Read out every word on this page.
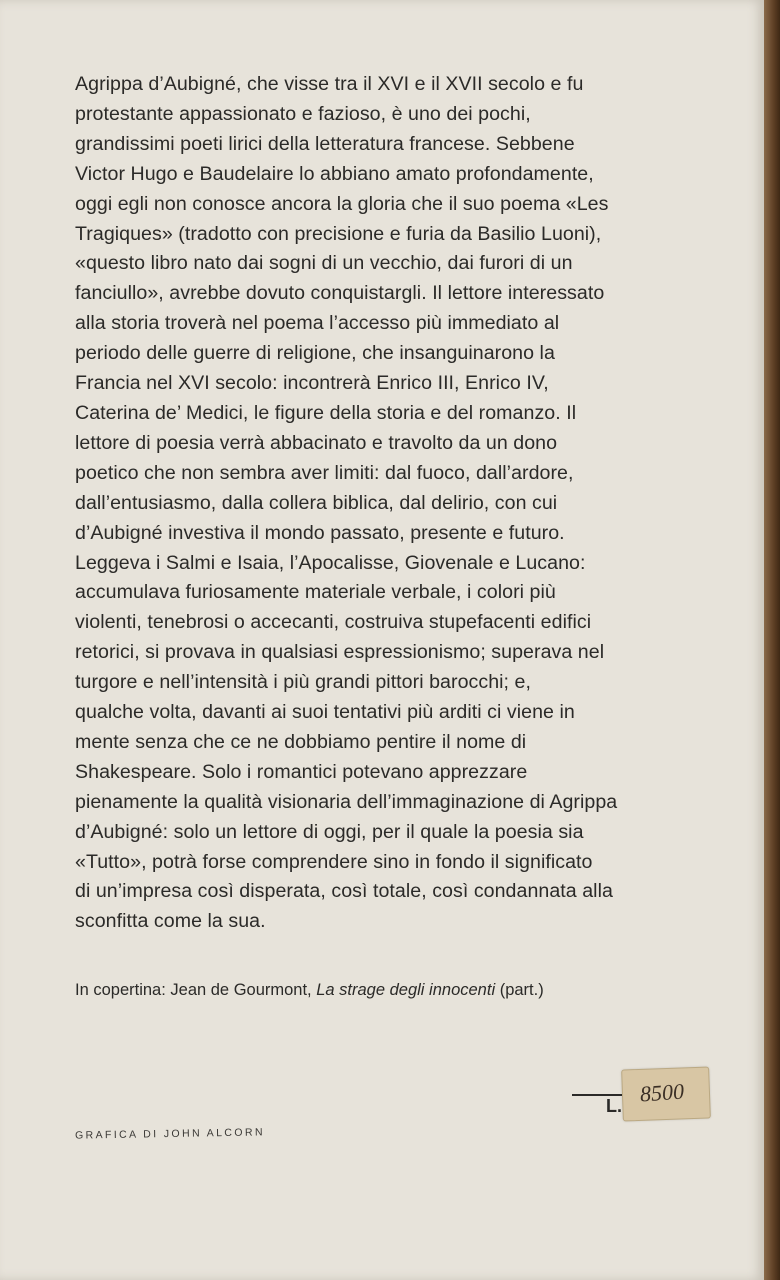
Agrippa d’Aubigné, che visse tra il XVI e il XVII secolo e fu
protestante appassionato e fazioso, è uno dei pochi,
grandissimi poeti lirici della letteratura francese. Sebbene
Victor Hugo e Baudelaire lo abbiano amato profondamente,
oggi egli non conosce ancora la gloria che il suo poema «Les
Tragiques» (tradotto con precisione e furia da Basilio Luoni),
«questo libro nato dai sogni di un vecchio, dai furori di un
fanciullo», avrebbe dovuto conquistargli. Il lettore interessato
alla storia troverà nel poema l’accesso più immediato al
periodo delle guerre di religione, che insanguinarono la
Francia nel XVI secolo: incontrerà Enrico III, Enrico IV,
Caterina de’ Medici, le figure della storia e del romanzo. Il
lettore di poesia verrà abbacinato e travolto da un dono
poetico che non sembra aver limiti: dal fuoco, dall’ardore,
dall’entusiasmo, dalla collera biblica, dal delirio, con cui
d’Aubigné investiva il mondo passato, presente e futuro.
Leggeva i Salmi e Isaia, l’Apocalisse, Giovenale e Lucano:
accumulava furiosamente materiale verbale, i colori più
violenti, tenebrosi o accecanti, costruiva stupefacenti edifici
retorici, si provava in qualsiasi espressionismo; superava nel
turgore e nell’intensità i più grandi pittori barocchi; e,
qualche volta, davanti ai suoi tentativi più arditi ci viene in
mente senza che ce ne dobbiamo pentire il nome di
Shakespeare. Solo i romantici potevano apprezzare
pienamente la qualità visionaria dell’immaginazione di Agrippa
d’Aubigné: solo un lettore di oggi, per il quale la poesia sia
«Tutto», potrà forse comprendere sino in fondo il significato
di un’impresa così disperata, così totale, così condannata alla
sconfitta come la sua.
In copertina: Jean de Gourmont, La strage degli innocenti (part.)
GRAFICA DI JOHN ALCORN
L. 8500
